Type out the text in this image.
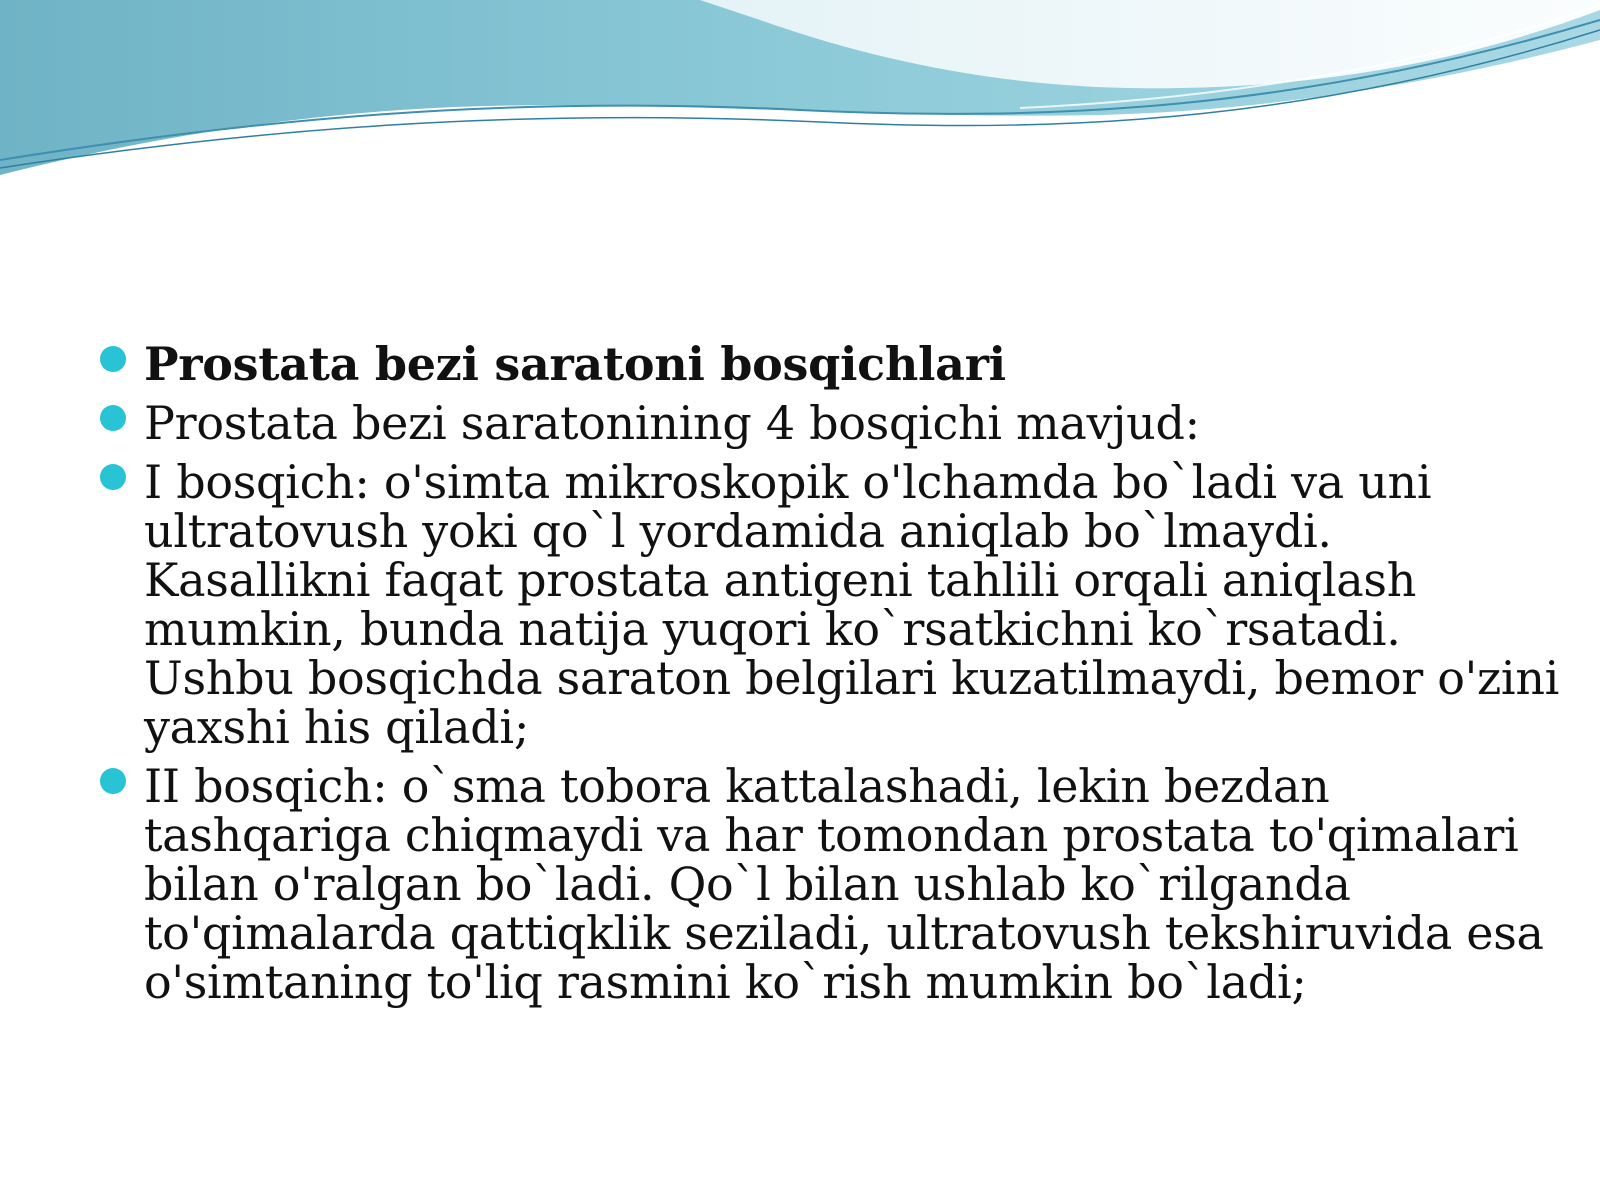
Prostata bezi saratoni bosqichlari
Prostata bezi saratonining 4 bosqichi mavjud:
I bosqich: o'simta mikroskopik o'lchamda bo`ladi va uni ultratovush yoki qo`l yordamida aniqlab bo`lmaydi. Kasallikni faqat prostata antigeni tahlili orqali aniqlash mumkin, bunda natija yuqori ko`rsatkichni ko`rsatadi. Ushbu bosqichda saraton belgilari kuzatilmaydi, bemor o'zini yaxshi his qiladi;
II bosqich: o`sma tobora kattalashadi, lekin bezdan tashqariga chiqmaydi va har tomondan prostata to'qimalari bilan o'ralgan bo`ladi. Qo`l bilan ushlab ko`rilganda to'qimalarda qattiqklik seziladi, ultratovush tekshiruvida esa o'simtaning to'liq rasmini ko`rish mumkin bo`ladi;
